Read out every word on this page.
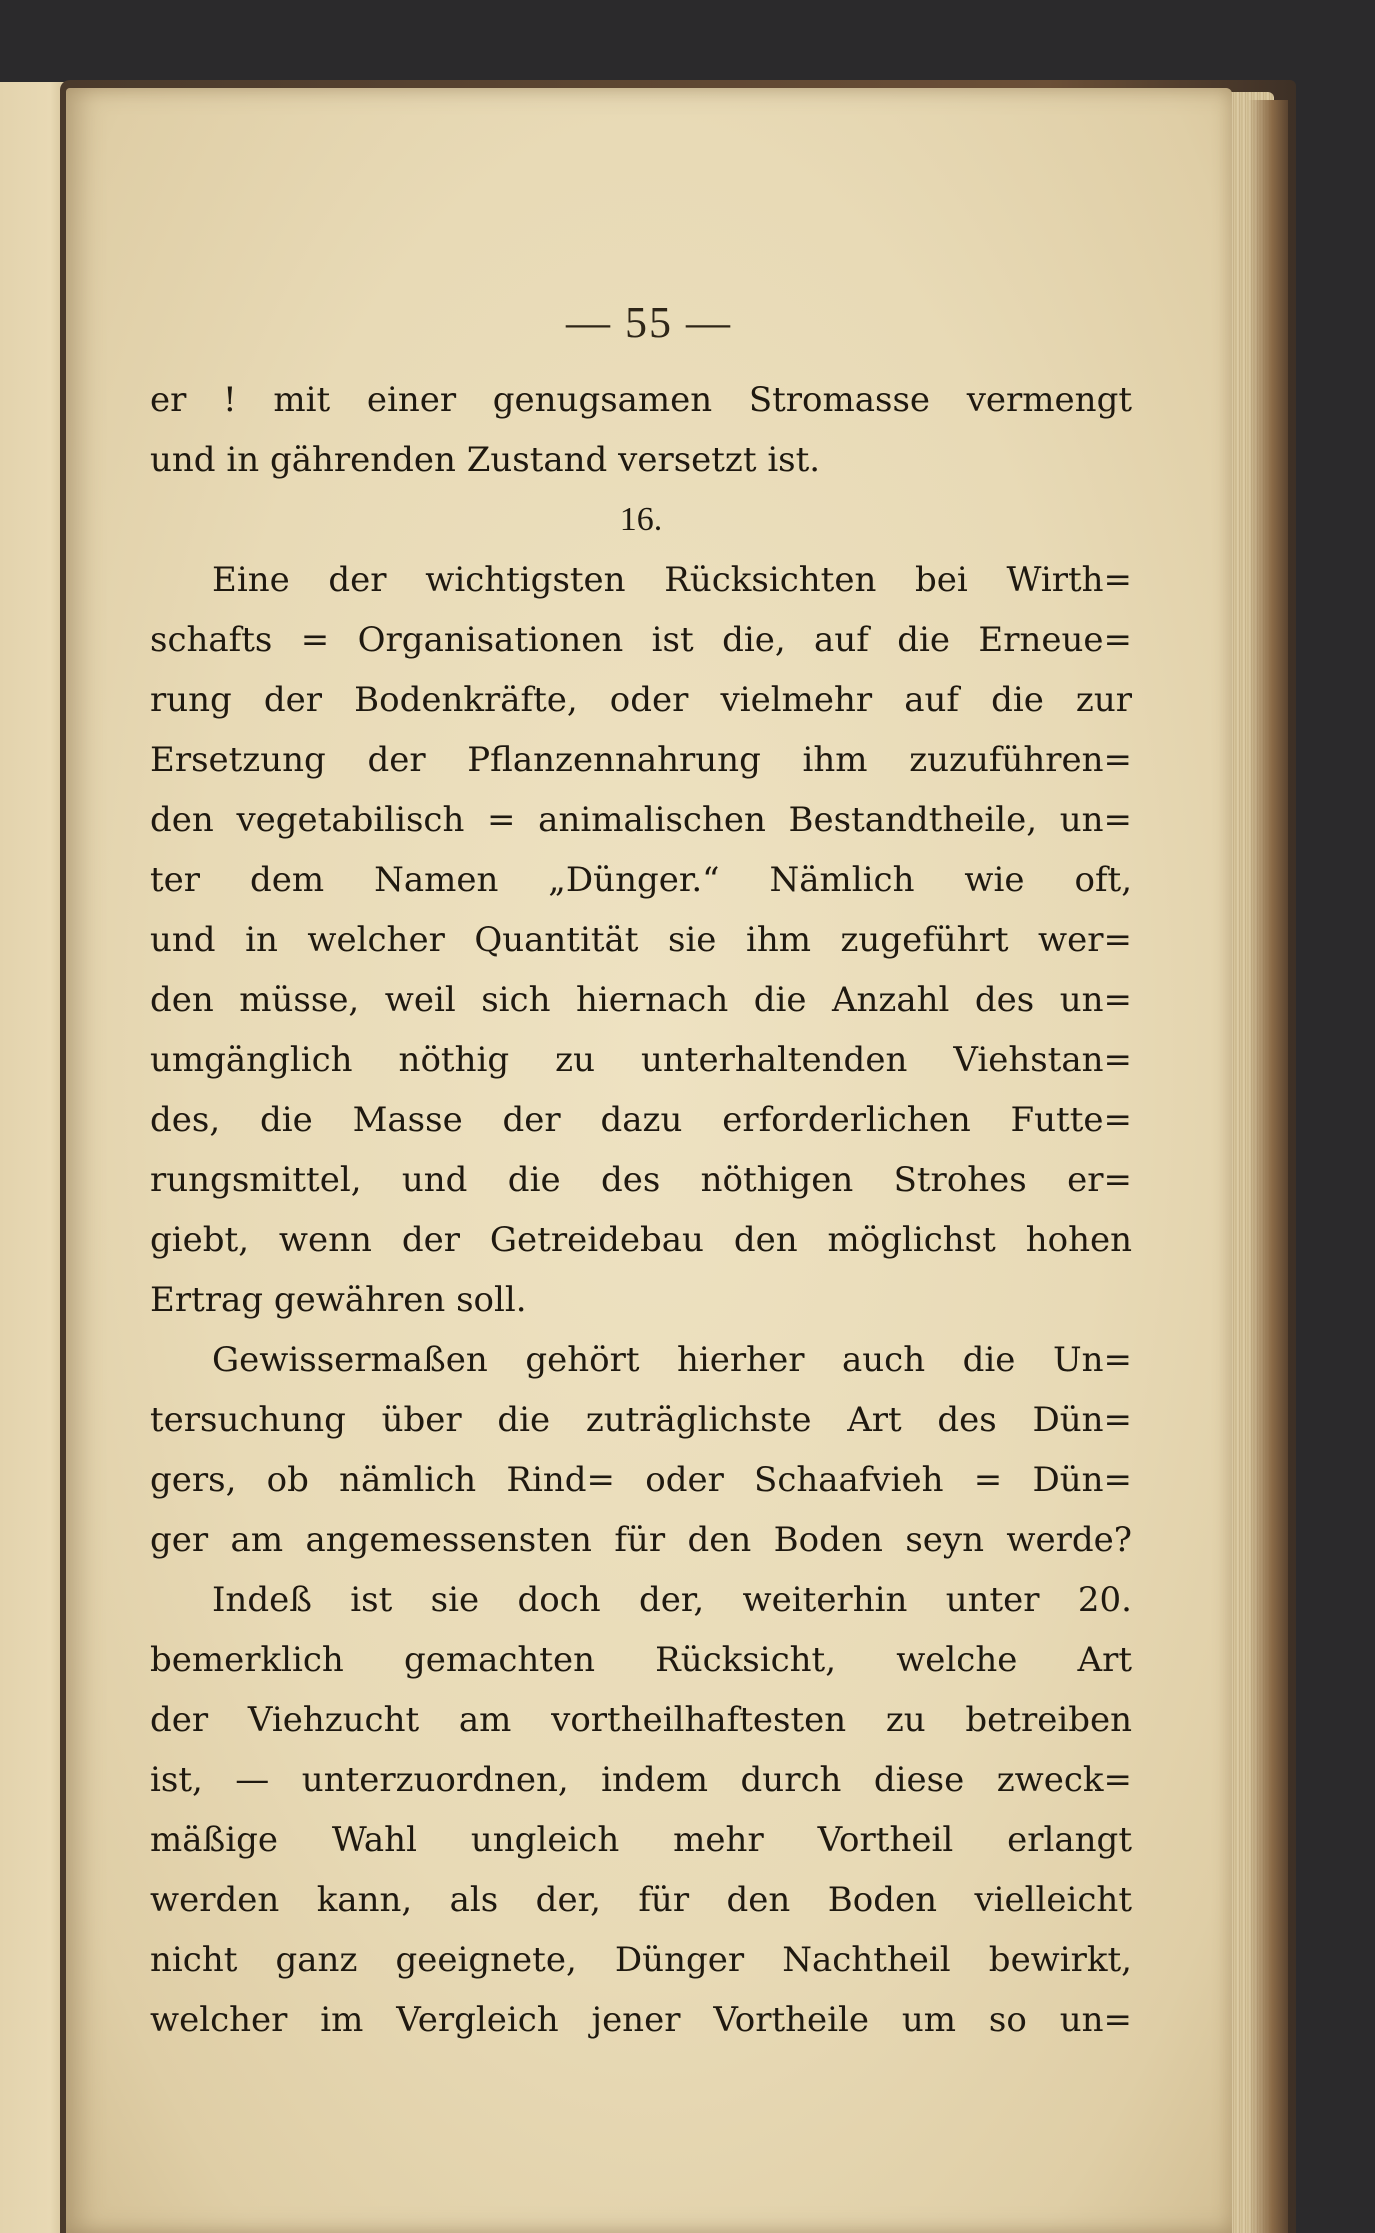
— 55 —
er ! mit einer genugsamen Stromasse vermengt
und in gährenden Zustand versetzt ist.
16.
Eine der wichtigsten Rücksichten bei Wirth=
schafts = Organisationen ist die, auf die Erneue=
rung der Bodenkräfte, oder vielmehr auf die zur
Ersetzung der Pflanzennahrung ihm zuzuführen=
den vegetabilisch = animalischen Bestandtheile, un=
ter dem Namen „Dünger.“ Nämlich wie oft,
und in welcher Quantität sie ihm zugeführt wer=
den müsse, weil sich hiernach die Anzahl des un=
umgänglich nöthig zu unterhaltenden Viehstan=
des, die Masse der dazu erforderlichen Futte=
rungsmittel, und die des nöthigen Strohes er=
giebt, wenn der Getreidebau den möglichst hohen
Ertrag gewähren soll.
Gewissermaßen gehört hierher auch die Un=
tersuchung über die zuträglichste Art des Dün=
gers, ob nämlich Rind= oder Schaafvieh = Dün=
ger am angemessensten für den Boden seyn werde?
Indeß ist sie doch der, weiterhin unter 20.
bemerklich gemachten Rücksicht, welche Art
der Viehzucht am vortheilhaftesten zu betreiben
ist, — unterzuordnen, indem durch diese zweck=
mäßige Wahl ungleich mehr Vortheil erlangt
werden kann, als der, für den Boden vielleicht
nicht ganz geeignete, Dünger Nachtheil bewirkt,
welcher im Vergleich jener Vortheile um so un=
